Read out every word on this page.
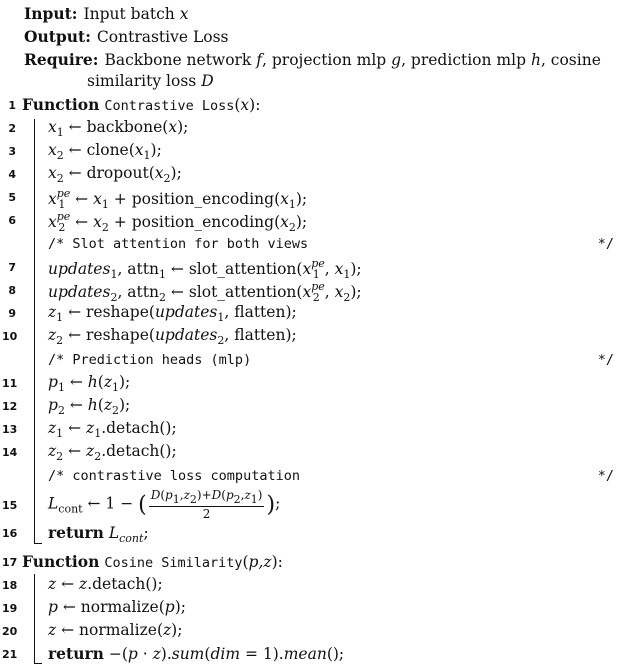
Input: Input batch x
Output: Contrastive Loss
Require: Backbone network f, projection mlp g, prediction mlp h, cosine
similarity loss D
1 Function Contrastive Loss(x):
2 $x_1$ ← backbone(x);
3 $x_2$ ← $clone(x_1)$;
4 $x_2$ ← $dropout(x_2)$;
5 $x^{pe}_1$  ← $x_1$ + $position\_encoding(x_1)$;
6 $x^{pe}_2$  ← $x_2$ + $position\_encoding(x_2)$;
/* Slot attention for both views	*/
7 updates$_1$, attn$_1$ ← $slot\_attention(x^{pe}_1$ , $x_1$);
8 updates$_2$, attn$_2$ ← $slot\_attention(x^{pe}_2$ , $x_2$);
9 $z_1$ ← reshape(updates$_1$, flatten);
10 $z_2$ ← reshape(updates$_2$, flatten);
/* Prediction heads (mlp)	*/
11 $p_1$ ← $h(z_1)$;
12 $p_2$ ← $h(z_2)$;
13 $z_1$ ← $z_1.detach()$;
14 $z_2$ ← $z_2.detach()$;
/* contrastive loss computation	*/
15 $L_{cont}$ ← 1 − ( $\frac{D(p1,z2)+D(p2,z1)}{2}$ );
16 return $L_{cont}$;
17 Function Cosine Similarity(p,z):
18 z ← z.detach();
19 p ← normalize(p);
20 z ← normalize(z);
21 return −(p · z).sum(dim = 1).mean();
